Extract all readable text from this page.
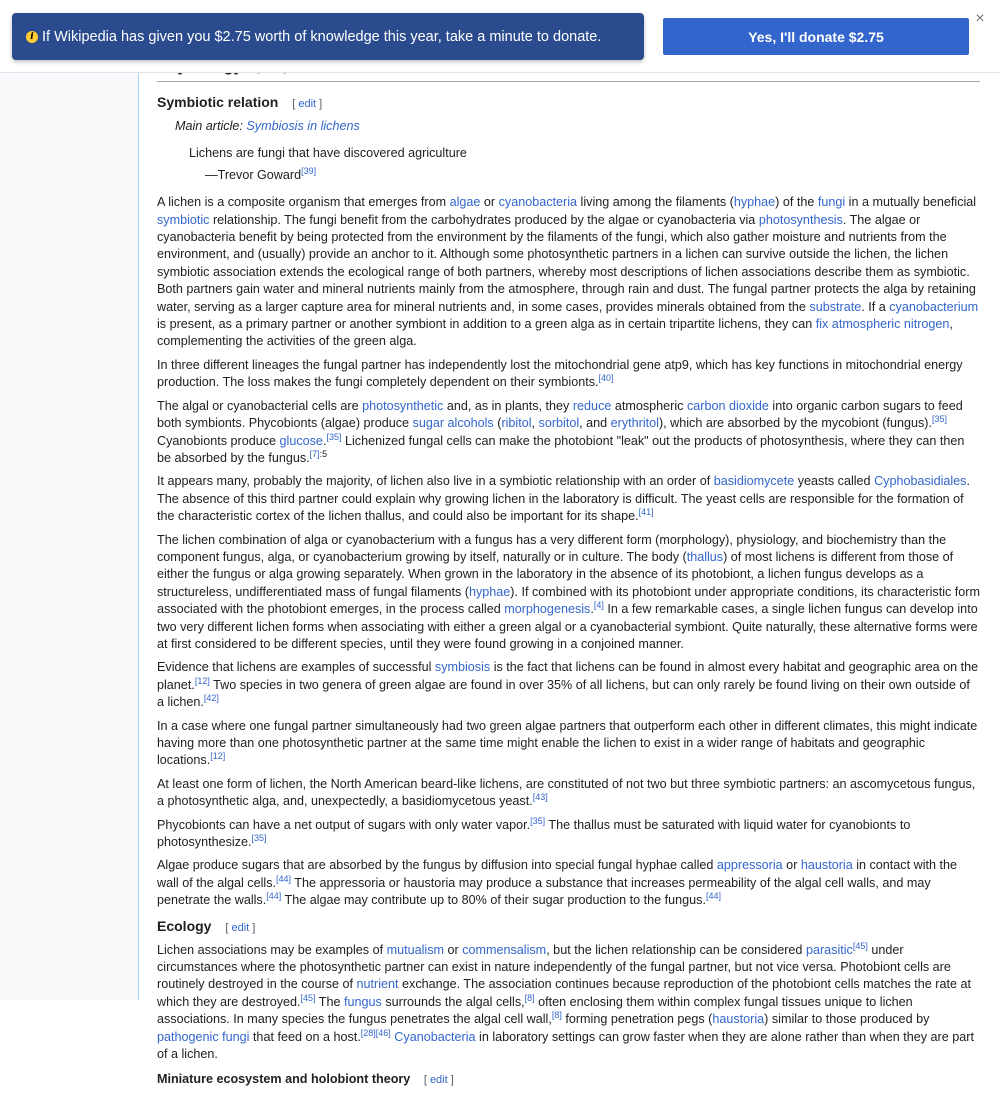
i If Wikipedia has given you $2.75 worth of knowledge this year, take a minute to donate.	Yes, I'll donate $2.75
×
Symbiotic relation [ edit ]
Main article: Symbiosis in lichens
Lichens are fungi that have discovered agriculture
—Trevor Goward[39]

A lichen is a composite organism that emerges from algae or cyanobacteria living among the filaments (hyphae) of the fungi in a mutually beneficial symbiotic relationship. The fungi benefit from the carbohydrates produced by the algae or cyanobacteria via photosynthesis. The algae or cyanobacteria benefit by being protected from the environment by the filaments of the fungi, which also gather moisture and nutrients from the environment, and (usually) provide an anchor to it. Although some photosynthetic partners in a lichen can survive outside the lichen, the lichen symbiotic association extends the ecological range of both partners, whereby most descriptions of lichen associations describe them as symbiotic. Both partners gain water and mineral nutrients mainly from the atmosphere, through rain and dust. The fungal partner protects the alga by retaining water, serving as a larger capture area for mineral nutrients and, in some cases, provides minerals obtained from the substrate. If a cyanobacterium is present, as a primary partner or another symbiont in addition to a green alga as in certain tripartite lichens, they can fix atmospheric nitrogen, complementing the activities of the green alga.

In three different lineages the fungal partner has independently lost the mitochondrial gene atp9, which has key functions in mitochondrial energy production. The loss makes the fungi completely dependent on their symbionts.[40]

The algal or cyanobacterial cells are photosynthetic and, as in plants, they reduce atmospheric carbon dioxide into organic carbon sugars to feed both symbionts. Phycobionts (algae) produce sugar alcohols (ribitol, sorbitol, and erythritol), which are absorbed by the mycobiont (fungus).[35] Cyanobionts produce glucose.[35] Lichenized fungal cells can make the photobiont "leak" out the products of photosynthesis, where they can then be absorbed by the fungus.$^{[7]:5}$

It appears many, probably the majority, of lichen also live in a symbiotic relationship with an order of basidiomycete yeasts called Cyphobasidiales. The absence of this third partner could explain why growing lichen in the laboratory is difficult. The yeast cells are responsible for the formation of the characteristic cortex of the lichen thallus, and could also be important for its shape.[41]

The lichen combination of alga or cyanobacterium with a fungus has a very different form (morphology), physiology, and biochemistry than the component fungus, alga, or cyanobacterium growing by itself, naturally or in culture. The body (thallus) of most lichens is different from those of either the fungus or alga growing separately. When grown in the laboratory in the absence of its photobiont, a lichen fungus develops as a structureless, undifferentiated mass of fungal filaments (hyphae). If combined with its photobiont under appropriate conditions, its characteristic form associated with the photobiont emerges, in the process called morphogenesis.[4] In a few remarkable cases, a single lichen fungus can develop into two very different lichen forms when associating with either a green algal or a cyanobacterial symbiont. Quite naturally, these alternative forms were at first considered to be different species, until they were found growing in a conjoined manner.

Evidence that lichens are examples of successful symbiosis is the fact that lichens can be found in almost every habitat and geographic area on the planet.[12] Two species in two genera of green algae are found in over 35% of all lichens, but can only rarely be found living on their own outside of a lichen.[42]

In a case where one fungal partner simultaneously had two green algae partners that outperform each other in different climates, this might indicate having more than one photosynthetic partner at the same time might enable the lichen to exist in a wider range of habitats and geographic locations.[12]

At least one form of lichen, the North American beard-like lichens, are constituted of not two but three symbiotic partners: an ascomycetous fungus, a photosynthetic alga, and, unexpectedly, a basidiomycetous yeast.[43]

Phycobionts can have a net output of sugars with only water vapor.[35] The thallus must be saturated with liquid water for cyanobionts to photosynthesize.[35]

Algae produce sugars that are absorbed by the fungus by diffusion into special fungal hyphae called appressoria or haustoria in contact with the wall of the algal cells.[44] The appressoria or haustoria may produce a substance that increases permeability of the algal cell walls, and may penetrate the walls.[44] The algae may contribute up to 80% of their sugar production to the fungus.[44]

Ecology [ edit ]

Lichen associations may be examples of mutualism or commensalism, but the lichen relationship can be considered parasitic[45] under circumstances where the photosynthetic partner can exist in nature independently of the fungal partner, but not vice versa. Photobiont cells are routinely destroyed in the course of nutrient exchange. The association continues because reproduction of the photobiont cells matches the rate at which they are destroyed.[45] The fungus surrounds the algal cells,[8] often enclosing them within complex fungal tissues unique to lichen associations. In many species the fungus penetrates the algal cell wall,[8] forming penetration pegs (haustoria) similar to those produced by pathogenic fungi that feed on a host.[28][46] Cyanobacteria in laboratory settings can grow faster when they are alone rather than when they are part of a lichen.

Miniature ecosystem and holobiont theory [ edit ]
